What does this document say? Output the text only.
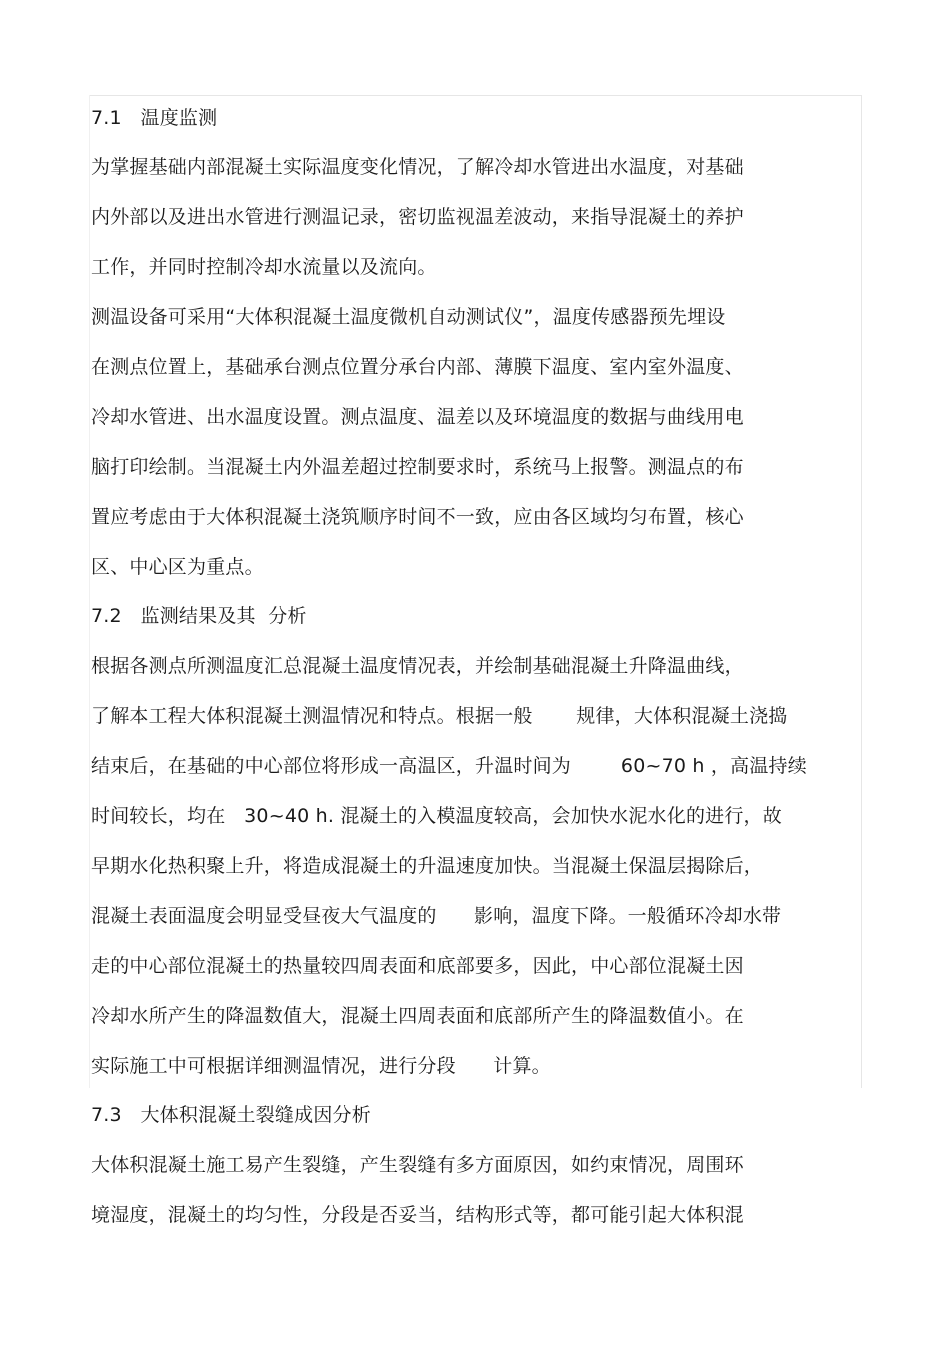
7.1   温度监测
为掌握基础内部混凝土实际温度变化情况，了解冷却水管进出水温度，对基础
内外部以及进出水管进行测温记录，密切监视温差波动，来指导混凝土的养护
工作，并同时控制冷却水流量以及流向。
测温设备可采用“大体积混凝土温度微机自动测试仪”，温度传感器预先埋设
在测点位置上，基础承台测点位置分承台内部、薄膜下温度、室内室外温度、
冷却水管进、出水温度设置。测点温度、温差以及环境温度的数据与曲线用电
脑打印绘制。当混凝土内外温差超过控制要求时，系统马上报警。测温点的布
置应考虑由于大体积混凝土浇筑顺序时间不一致，应由各区域均匀布置，核心
区、中心区为重点。
7.2   监测结果及其  分析
根据各测点所测温度汇总混凝土温度情况表，并绘制基础混凝土升降温曲线，
了解本工程大体积混凝土测温情况和特点。根据一般       规律，大体积混凝土浇捣
结束后，在基础的中心部位将形成一高温区，升温时间为        60~70 h ，高温持续
时间较长，均在   30~40 h. 混凝土的入模温度较高，会加快水泥水化的进行，故
早期水化热积聚上升，将造成混凝土的升温速度加快。当混凝土保温层揭除后，
混凝土表面温度会明显受昼夜大气温度的      影响，温度下降。一般循环冷却水带
走的中心部位混凝土的热量较四周表面和底部要多，因此，中心部位混凝土因
冷却水所产生的降温数值大，混凝土四周表面和底部所产生的降温数值小。在
实际施工中可根据详细测温情况，进行分段      计算。
7.3   大体积混凝土裂缝成因分析
大体积混凝土施工易产生裂缝，产生裂缝有多方面原因，如约束情况，周围环
境湿度，混凝土的均匀性，分段是否妥当，结构形式等，都可能引起大体积混
